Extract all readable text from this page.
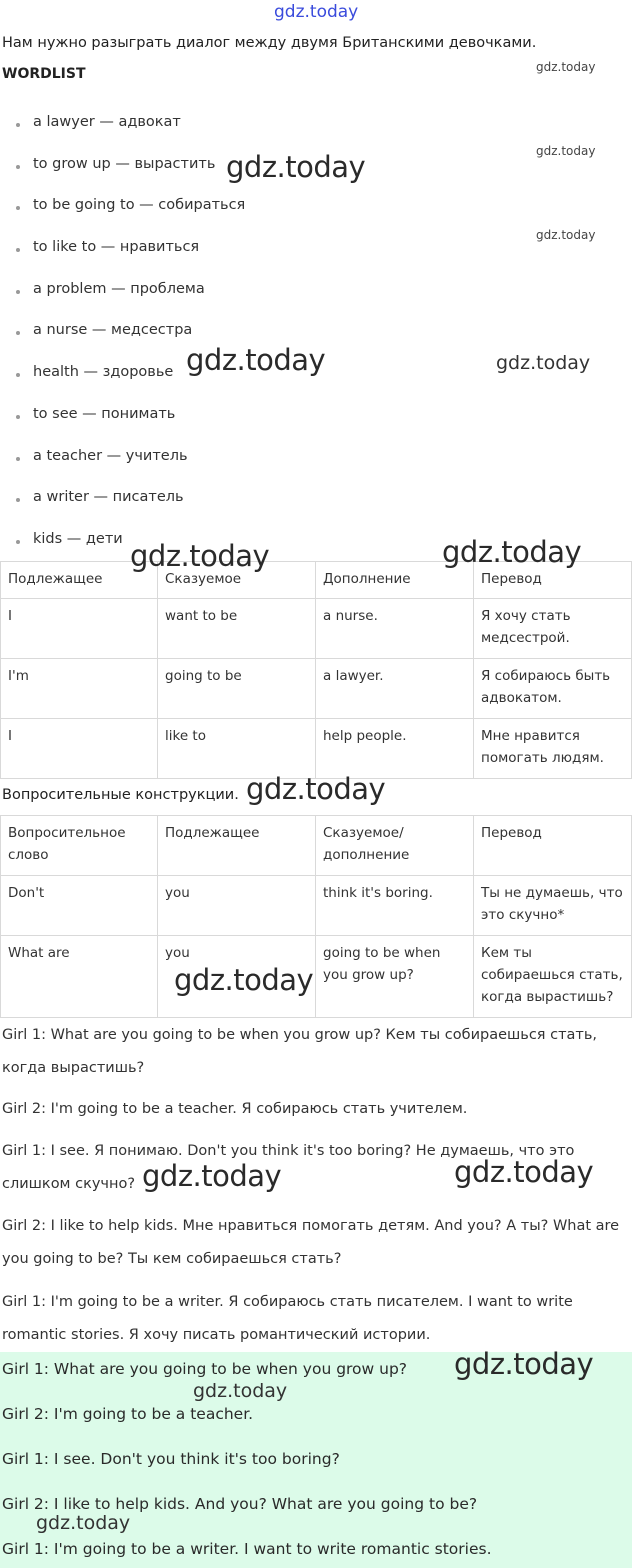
gdz.today
Нам нужно разыграть диалог между двумя Британскими девочками.
WORDLIST
a lawyer — адвокат
to grow up — вырастить
to be going to — собираться
to like to — нравиться
a problem — проблема
a nurse — медсестра
health — здоровье
to see — понимать
a teacher — учитель
a writer — писатель
kids — дети
Подлежащее	Сказуемое	Дополнение	Перевод
I	want to be	a nurse.	Я хочу стать медсестрой.
I'm	going to be	a lawyer.	Я собираюсь быть адвокатом.
I	like to	help people.	Мне нравится помогать людям.
Вопросительные конструкции.
Вопросительное слово	Подлежащее	Сказуемое/ дополнение	Перевод
Don't	you	think it's boring.	Ты не думаешь, что это скучно*
What are	you	going to be when you grow up?	Кем ты собираешься стать, когда вырастишь?
Girl 1: What are you going to be when you grow up? Кем ты собираешься стать, когда вырастишь?
Girl 2: I'm going to be a teacher. Я собираюсь стать учителем.
Girl 1: I see. Я понимаю. Don't you think it's too boring? Не думаешь, что это слишком скучно?
Girl 2: I like to help kids. Мне нравиться помогать детям. And you? А ты? What are you going to be? Ты кем собираешься стать?
Girl 1: I'm going to be a writer. Я собираюсь стать писателем. I want to write romantic stories. Я хочу писать романтический истории.
Girl 1: What are you going to be when you grow up?
Girl 2: I'm going to be a teacher.
Girl 1: I see. Don't you think it's too boring?
Girl 2: I like to help kids. And you? What are you going to be?
Girl 1: I'm going to be a writer. I want to write romantic stories.
gdz.today
gdz.today
gdz.today
gdz.today
gdz.today	gdz.today
gdz.today	gdz.today
gdz.today
gdz.today
gdz.today	gdz.today
gdz.today
gdz.today
gdz.today
